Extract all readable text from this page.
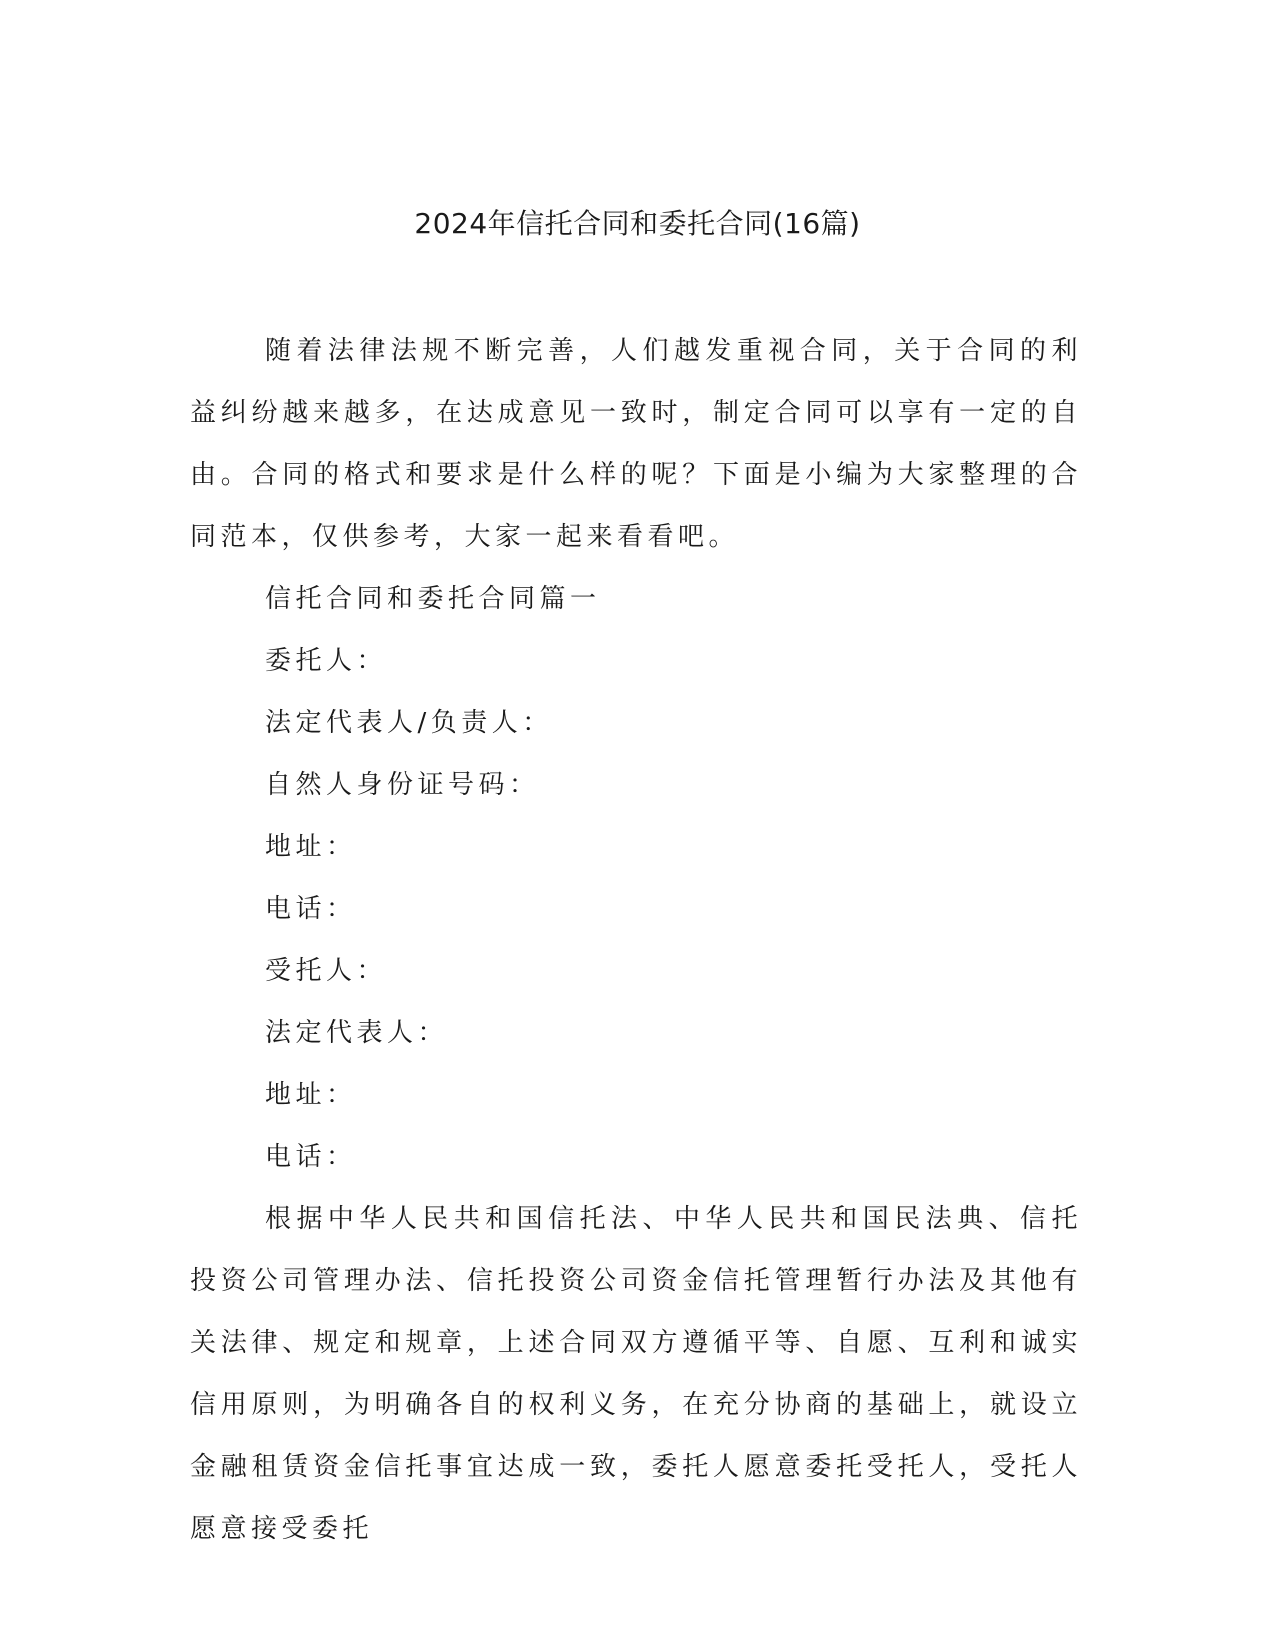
2024年信托合同和委托合同(16篇)

随着法律法规不断完善，人们越发重视合同，关于合同的利益纠纷越来越多，在达成意见一致时，制定合同可以享有一定的自由。合同的格式和要求是什么样的呢？下面是小编为大家整理的合同范本，仅供参考，大家一起来看看吧。

信托合同和委托合同篇一

委托人：

法定代表人/负责人：

自然人身份证号码：

地址：

电话：

受托人：

法定代表人：

地址：

电话：

根据中华人民共和国信托法、中华人民共和国民法典、信托投资公司管理办法、信托投资公司资金信托管理暂行办法及其他有关法律、规定和规章，上述合同双方遵循平等、自愿、互利和诚实信用原则，为明确各自的权利义务，在充分协商的基础上，就设立金融租赁资金信托事宜达成一致，委托人愿意委托受托人，受托人愿意接受委托
